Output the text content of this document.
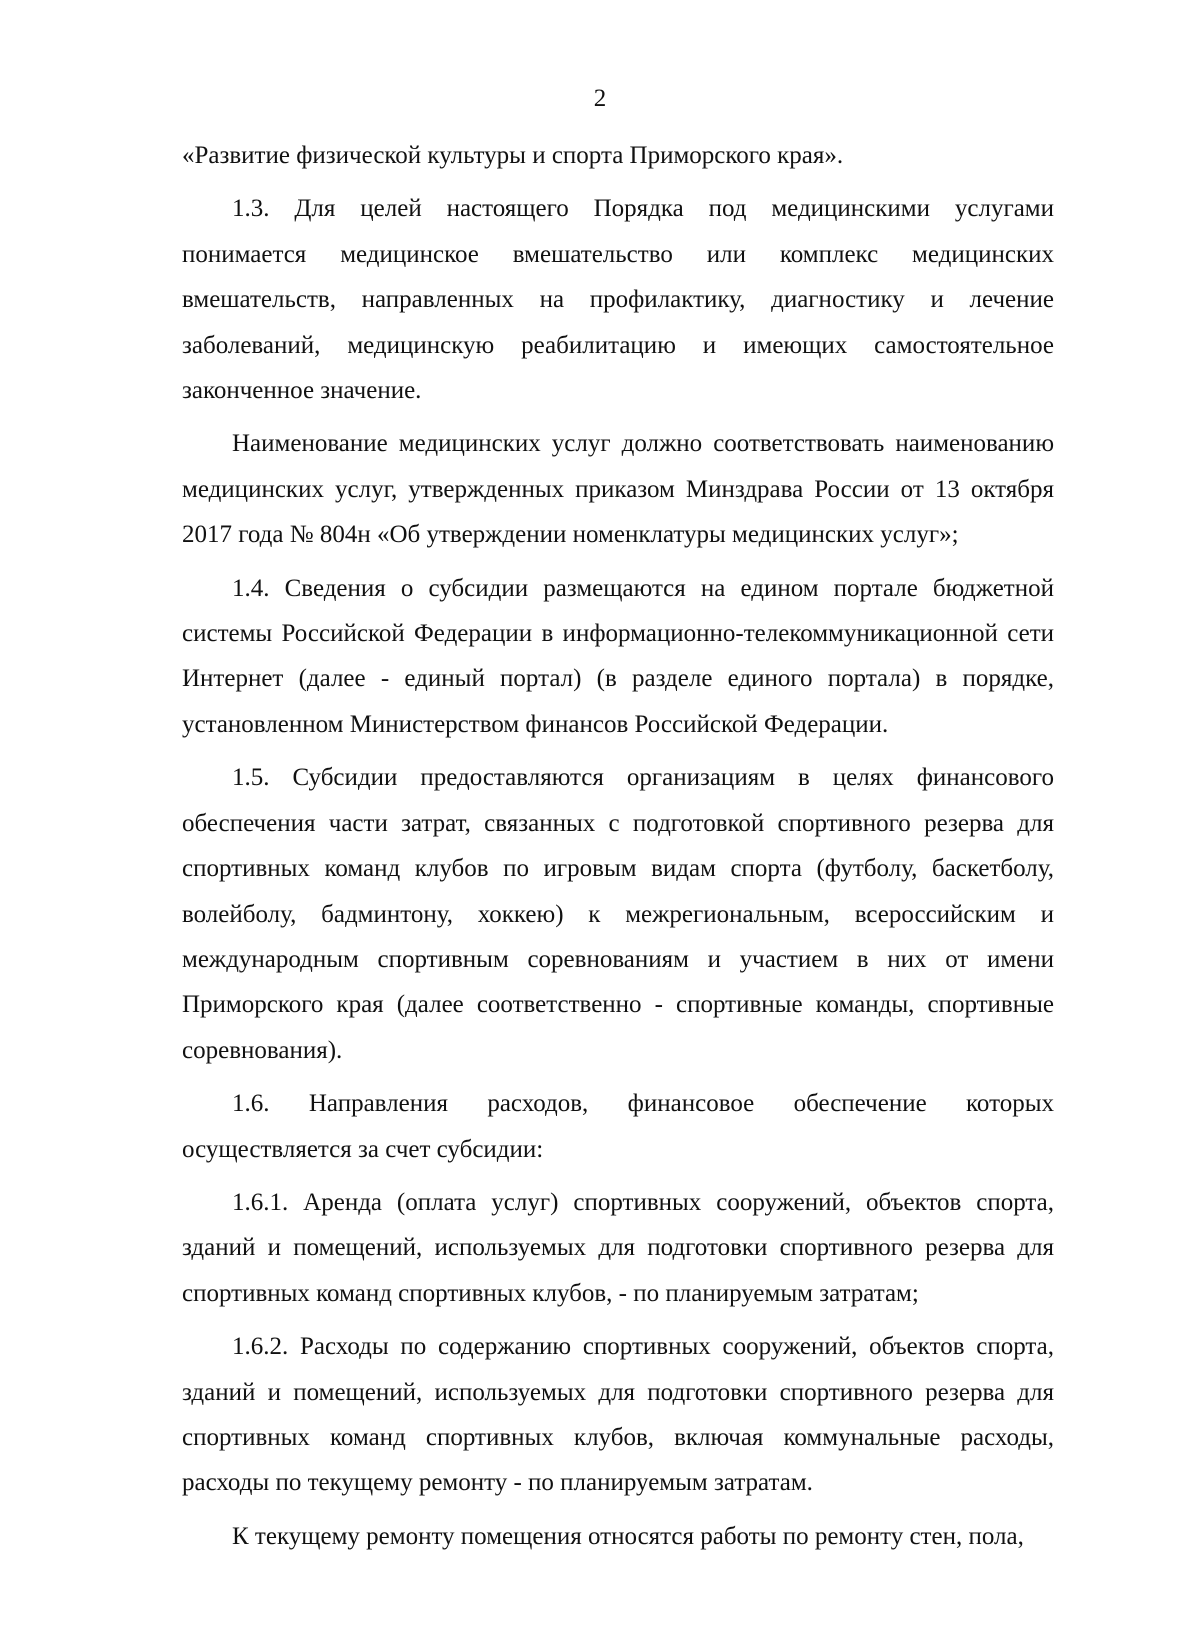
2

«Развитие физической культуры и спорта Приморского края».

1.3. Для целей настоящего Порядка под медицинскими услугами понимается медицинское вмешательство или комплекс медицинских вмешательств, направленных на профилактику, диагностику и лечение заболеваний, медицинскую реабилитацию и имеющих самостоятельное законченное значение.

Наименование медицинских услуг должно соответствовать наименованию медицинских услуг, утвержденных приказом Минздрава России от 13 октября 2017 года № 804н «Об утверждении номенклатуры медицинских услуг»;

1.4. Сведения о субсидии размещаются на едином портале бюджетной системы Российской Федерации в информационно-телекоммуникационной сети Интернет (далее - единый портал) (в разделе единого портала) в порядке, установленном Министерством финансов Российской Федерации.

1.5. Субсидии предоставляются организациям в целях финансового обеспечения части затрат, связанных с подготовкой спортивного резерва для спортивных команд клубов по игровым видам спорта (футболу, баскетболу, волейболу, бадминтону, хоккею) к межрегиональным, всероссийским и международным спортивным соревнованиям и участием в них от имени Приморского края (далее соответственно - спортивные команды, спортивные соревнования).

1.6. Направления расходов, финансовое обеспечение которых осуществляется за счет субсидии:

1.6.1. Аренда (оплата услуг) спортивных сооружений, объектов спорта, зданий и помещений, используемых для подготовки спортивного резерва для спортивных команд спортивных клубов, - по планируемым затратам;

1.6.2. Расходы по содержанию спортивных сооружений, объектов спорта, зданий и помещений, используемых для подготовки спортивного резерва для спортивных команд спортивных клубов, включая коммунальные расходы, расходы по текущему ремонту - по планируемым затратам.

К текущему ремонту помещения относятся работы по ремонту стен, пола,
